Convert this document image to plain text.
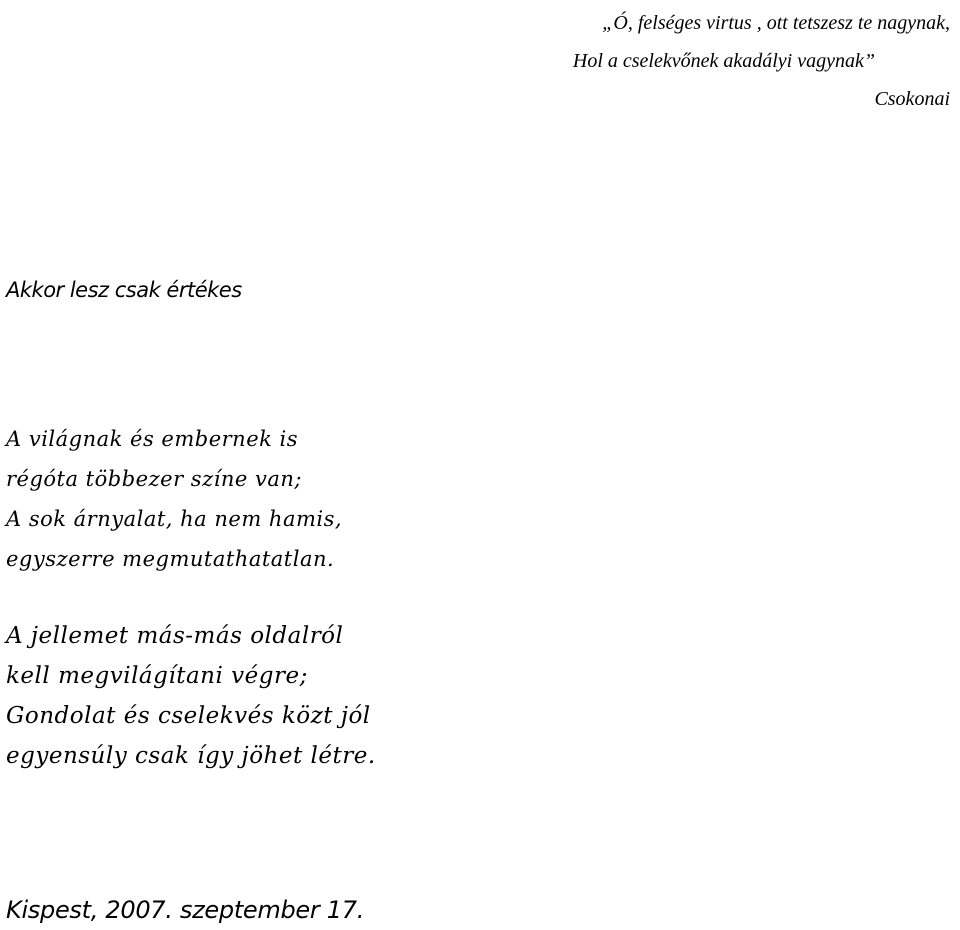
„Ó, felséges virtus , ott tetszesz te nagynak,
Hol a cselekvőnek akadályi vagynak”
Csokonai
Akkor lesz csak értékes
A világnak és embernek is
régóta többezer színe van;
A sok árnyalat, ha nem hamis,
egyszerre megmutathatatlan.
A jellemet más-más oldalról
kell megvilágítani végre;
Gondolat és cselekvés közt jól
egyensúly csak így jöhet létre.
Kispest, 2007. szeptember 17.
